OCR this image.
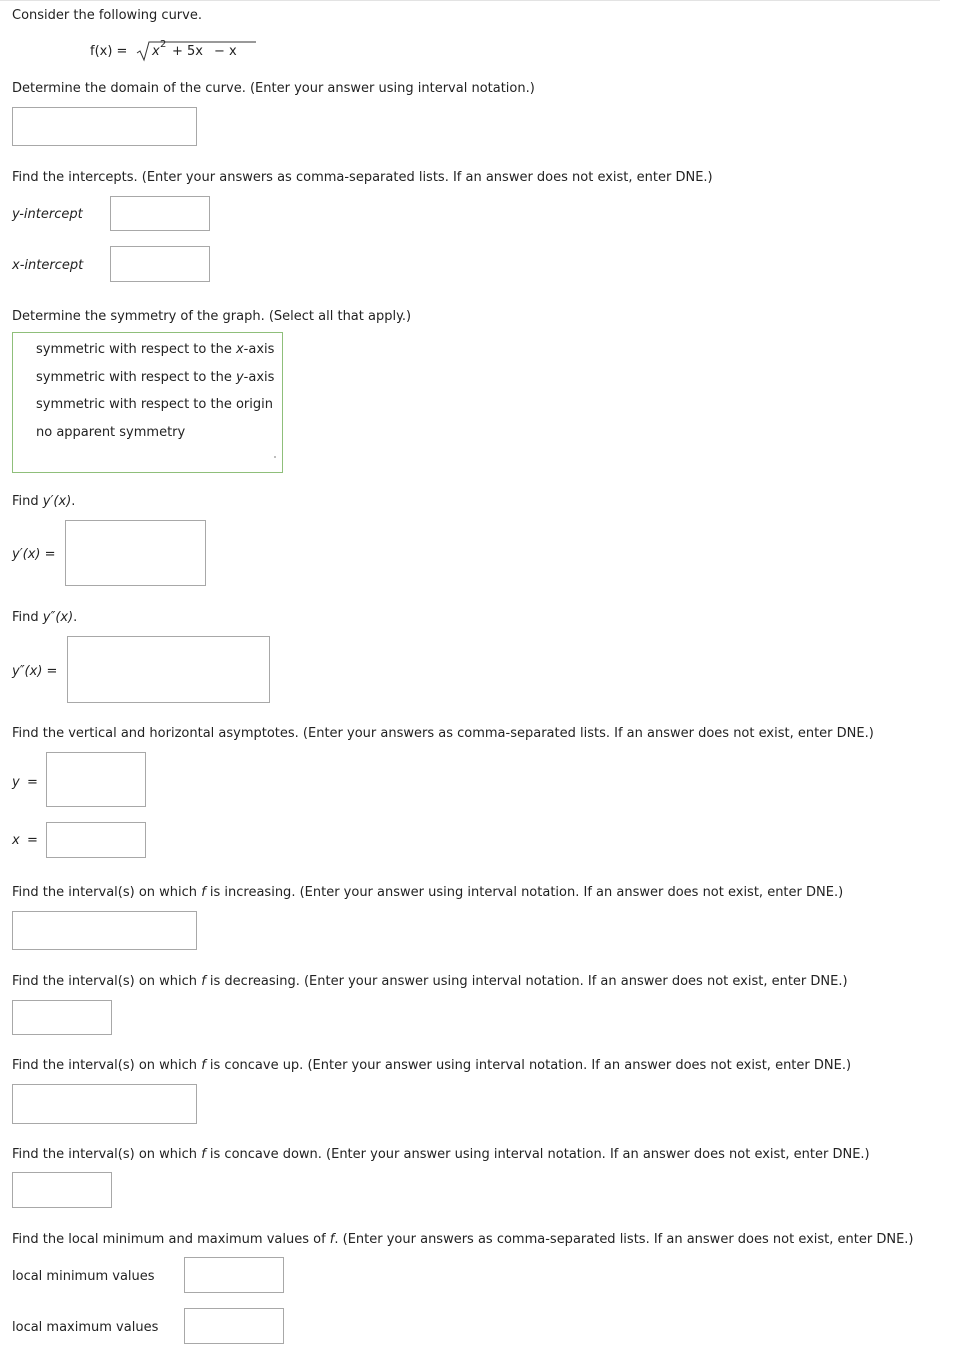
Consider the following curve.
f(x) = x 2 + 5x − x
Determine the domain of the curve. (Enter your answer using interval notation.)
Find the intercepts. (Enter your answers as comma-separated lists. If an answer does not exist, enter DNE.)
y-intercept
x-intercept
Determine the symmetry of the graph. (Select all that apply.)
symmetric with respect to the x-axis
symmetric with respect to the y-axis
symmetric with respect to the origin
no apparent symmetry
Find y′(x).
y′(x) =
Find y″(x).
y″(x) =
Find the vertical and horizontal asymptotes. (Enter your answers as comma-separated lists. If an answer does not exist, enter DNE.)
y =
x =
Find the interval(s) on which f is increasing. (Enter your answer using interval notation. If an answer does not exist, enter DNE.)
Find the interval(s) on which f is decreasing. (Enter your answer using interval notation. If an answer does not exist, enter DNE.)
Find the interval(s) on which f is concave up. (Enter your answer using interval notation. If an answer does not exist, enter DNE.)
Find the interval(s) on which f is concave down. (Enter your answer using interval notation. If an answer does not exist, enter DNE.)
Find the local minimum and maximum values of f. (Enter your answers as comma-separated lists. If an answer does not exist, enter DNE.)
local minimum values
local maximum values
